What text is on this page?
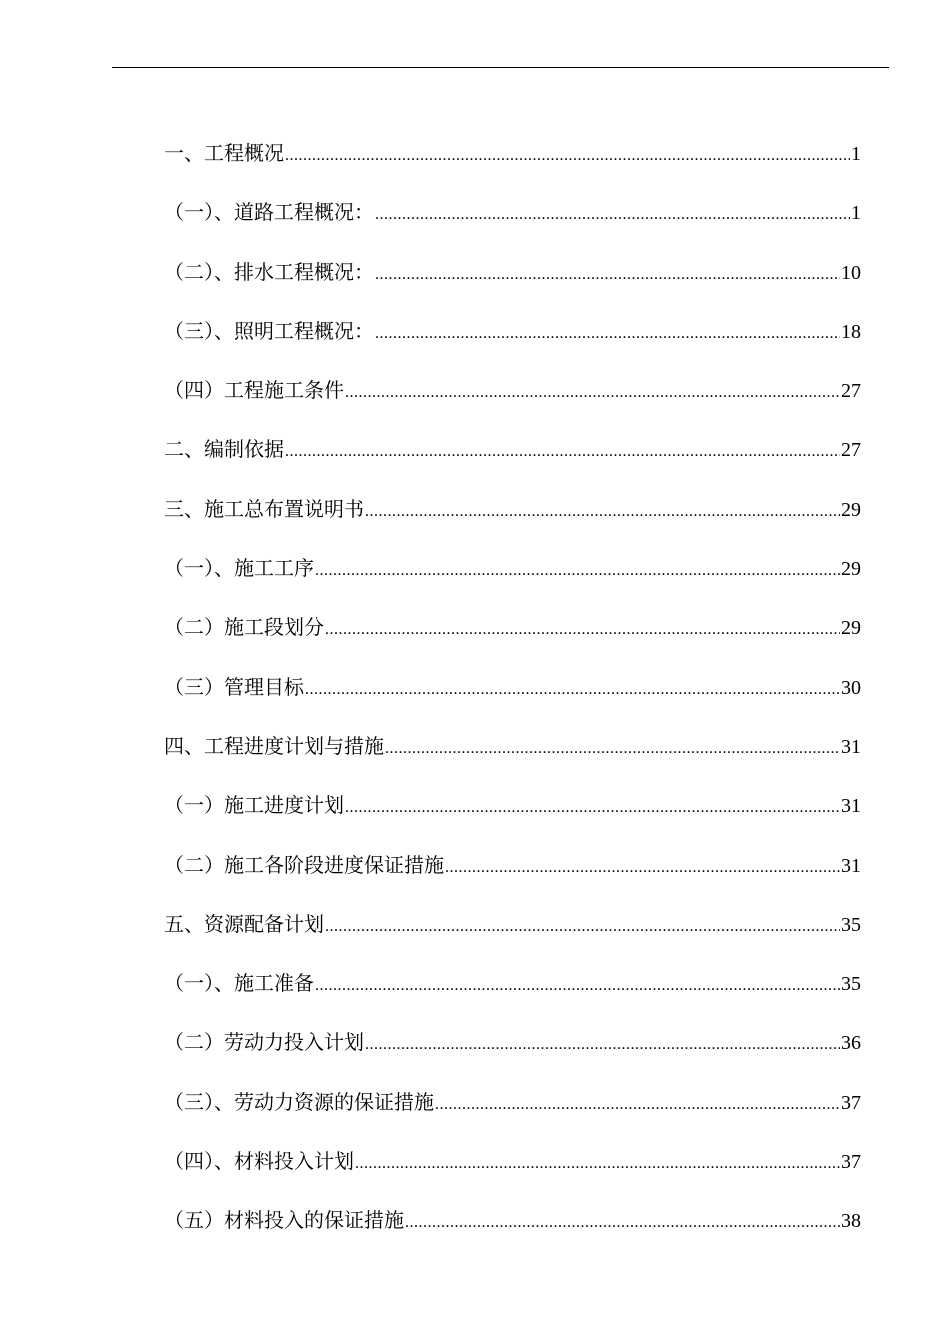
一、工程概况 .....	1
（一）、道路工程概况： .....	1
（二）、排水工程概况： .....	10
（三）、照明工程概况： .....	18
（四）工程施工条件 .....	27
二、编制依据 .....	27
三、施工总布置说明书 .....	29
（一）、施工工序 .....	29
（二）施工段划分 .....	29
（三）管理目标 .....	30
四、工程进度计划与措施 .....	31
（一）施工进度计划 .....	31
（二）施工各阶段进度保证措施 .....	31
五、资源配备计划 .....	35
（一）、施工准备 .....	35
（二）劳动力投入计划 .....	36
（三）、劳动力资源的保证措施 .....	37
（四）、材料投入计划 .....	37
（五）材料投入的保证措施 .....	38
